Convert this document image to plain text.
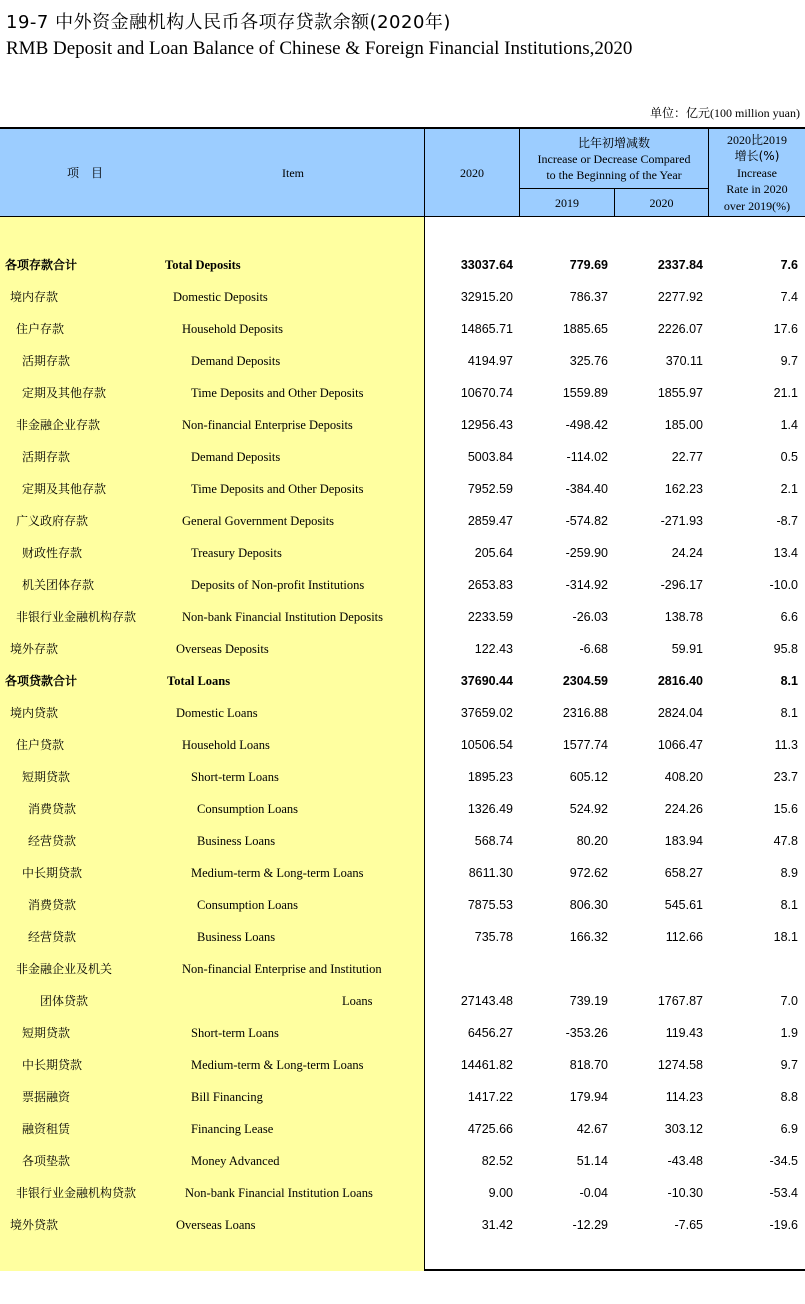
19-7 中外资金融机构人民币各项存贷款余额(2020年)
RMB Deposit and Loan Balance of Chinese & Foreign Financial Institutions,2020
单位：亿元(100 million yuan)
项　目	Item	2020
比年初增减数
Increase or Decrease Compared
to the Beginning of the Year
2019	2020
2020比2019
增长(%)
Increase
Rate in 2020
over 2019(%)
各项存款合计	Total Deposits	33037.64	779.69	2337.84	7.6
境内存款	Domestic Deposits	32915.20	786.37	2277.92	7.4
住户存款	Household Deposits	14865.71	1885.65	2226.07	17.6
活期存款	Demand Deposits	4194.97	325.76	370.11	9.7
定期及其他存款	Time Deposits and Other Deposits	10670.74	1559.89	1855.97	21.1
非金融企业存款	Non-financial Enterprise Deposits	12956.43	-498.42	185.00	1.4
活期存款	Demand Deposits	5003.84	-114.02	22.77	0.5
定期及其他存款	Time Deposits and Other Deposits	7952.59	-384.40	162.23	2.1
广义政府存款	General Government Deposits	2859.47	-574.82	-271.93	-8.7
财政性存款	Treasury Deposits	205.64	-259.90	24.24	13.4
机关团体存款	Deposits of Non-profit Institutions	2653.83	-314.92	-296.17	-10.0
非银行业金融机构存款	Non-bank Financial Institution Deposits	2233.59	-26.03	138.78	6.6
境外存款	Overseas Deposits	122.43	-6.68	59.91	95.8
各项贷款合计	Total Loans	37690.44	2304.59	2816.40	8.1
境内贷款	Domestic Loans	37659.02	2316.88	2824.04	8.1
住户贷款	Household Loans	10506.54	1577.74	1066.47	11.3
短期贷款	Short-term Loans	1895.23	605.12	408.20	23.7
消费贷款	Consumption Loans	1326.49	524.92	224.26	15.6
经营贷款	Business Loans	568.74	80.20	183.94	47.8
中长期贷款	Medium-term & Long-term Loans	8611.30	972.62	658.27	8.9
消费贷款	Consumption Loans	7875.53	806.30	545.61	8.1
经营贷款	Business Loans	735.78	166.32	112.66	18.1
非金融企业及机关	Non-financial Enterprise and Institution
团体贷款	Loans	27143.48	739.19	1767.87	7.0
短期贷款	Short-term Loans	6456.27	-353.26	119.43	1.9
中长期贷款	Medium-term & Long-term Loans	14461.82	818.70	1274.58	9.7
票据融资	Bill Financing	1417.22	179.94	114.23	8.8
融资租赁	Financing Lease	4725.66	42.67	303.12	6.9
各项垫款	Money Advanced	82.52	51.14	-43.48	-34.5
非银行业金融机构贷款	Non-bank Financial Institution Loans	9.00	-0.04	-10.30	-53.4
境外贷款	Overseas Loans	31.42	-12.29	-7.65	-19.6
